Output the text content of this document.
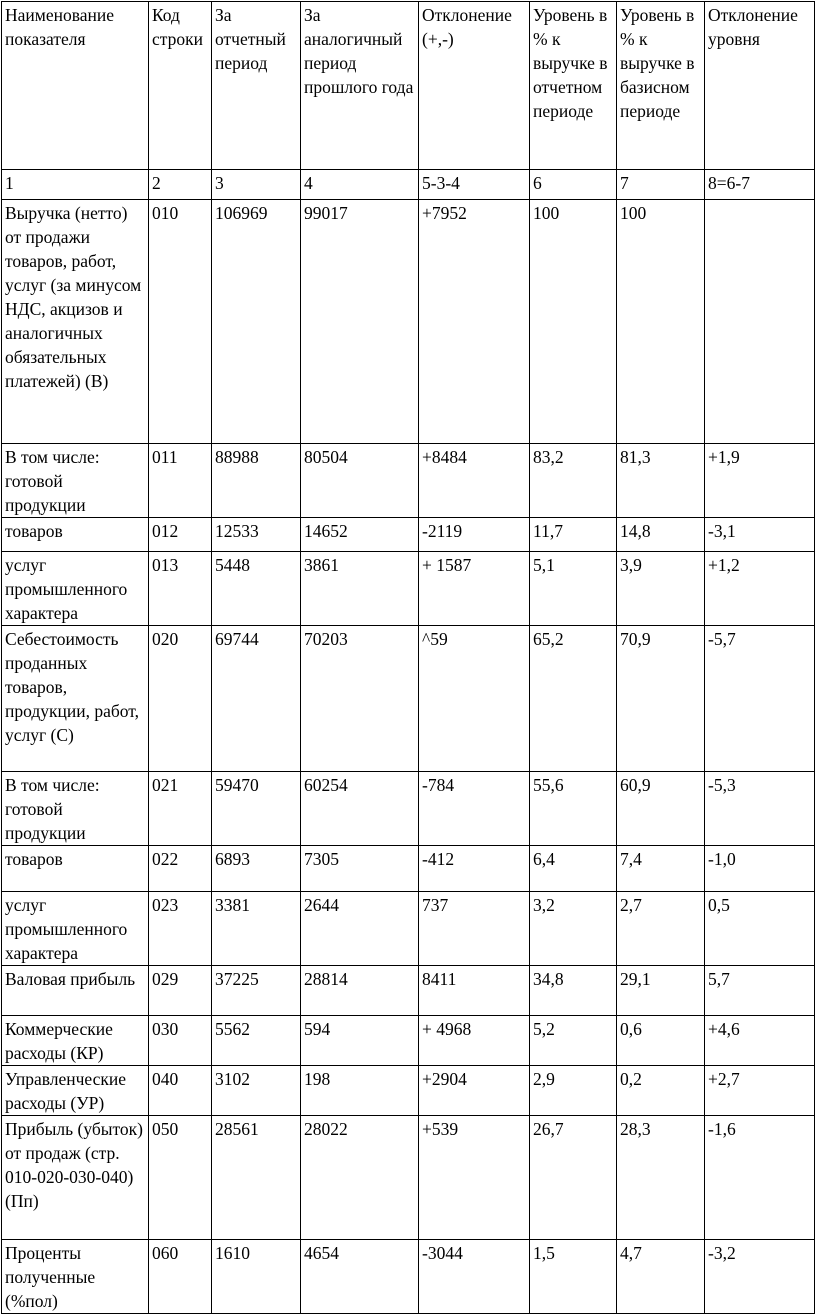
Наименование показателя	Код строки	За отчетный период	За аналогичный период прошлого года	Отклонение (+,-)	Уровень в % к выручке в отчетном периоде	Уровень в % к выручке в базисном периоде	Отклонение уровня
1	2	3	4	5-3-4	6	7	8=6-7
Выручка (нетто) от продажи товаров, работ, услуг (за минусом НДС, акцизов и аналогичных обязательных платежей) (В)	010	106969	99017	+7952	100	100	
В том числе: готовой продукции	011	88988	80504	+8484	83,2	81,3	+1,9
товаров	012	12533	14652	-2119	11,7	14,8	-3,1
услуг промышленного характера	013	5448	3861	+ 1587	5,1	3,9	+1,2
Себестоимость проданных товаров, продукции, работ, услуг (С)	020	69744	70203	^59	65,2	70,9	-5,7
В том числе: готовой продукции	021	59470	60254	-784	55,6	60,9	-5,3
товаров	022	6893	7305	-412	6,4	7,4	-1,0
услуг промышленного характера	023	3381	2644	737	3,2	2,7	0,5
Валовая прибыль	029	37225	28814	8411	34,8	29,1	5,7
Коммерческие расходы (КР)	030	5562	594	+ 4968	5,2	0,6	+4,6
Управленческие расходы (УР)	040	3102	198	+2904	2,9	0,2	+2,7
Прибыль (убыток) от продаж (стр. 010-020-030-040) (Пп)	050	28561	28022	+539	26,7	28,3	-1,6
Проценты полученные (%пол)	060	1610	4654	-3044	1,5	4,7	-3,2
